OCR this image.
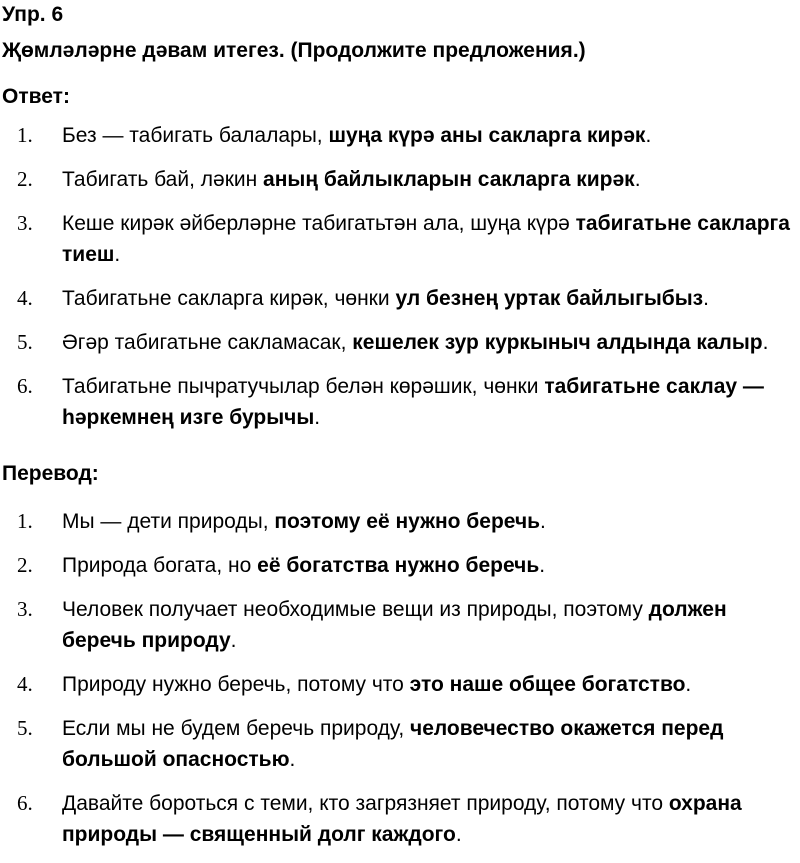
Упр. 6
Җөмләләрне дәвам итегез. (Продолжите предложения.)
Ответ:
1.	Без — табигать балалары, шуңа күрә аны сакларга кирәк.
2.	Табигать бай, ләкин аның байлыкларын сакларга кирәк.
3.	Кеше кирәк әйберләрне табигатьтән ала, шуңа күрә табигатьне сакларга тиеш.
4.	Табигатьне сакларга кирәк, чөнки ул безнең уртак байлыгыбыз.
5.	Әгәр табигатьне сакламасак, кешелек зур куркыныч алдында калыр.
6.	Табигатьне пычратучылар белән көрәшик, чөнки табигатьне саклау — һәркемнең изге бурычы.
Перевод:
1.	Мы — дети природы, поэтому её нужно беречь.
2.	Природа богата, но её богатства нужно беречь.
3.	Человек получает необходимые вещи из природы, поэтому должен беречь природу.
4.	Природу нужно беречь, потому что это наше общее богатство.
5.	Если мы не будем беречь природу, человечество окажется перед большой опасностью.
6.	Давайте бороться с теми, кто загрязняет природу, потому что охрана природы — священный долг каждого.
